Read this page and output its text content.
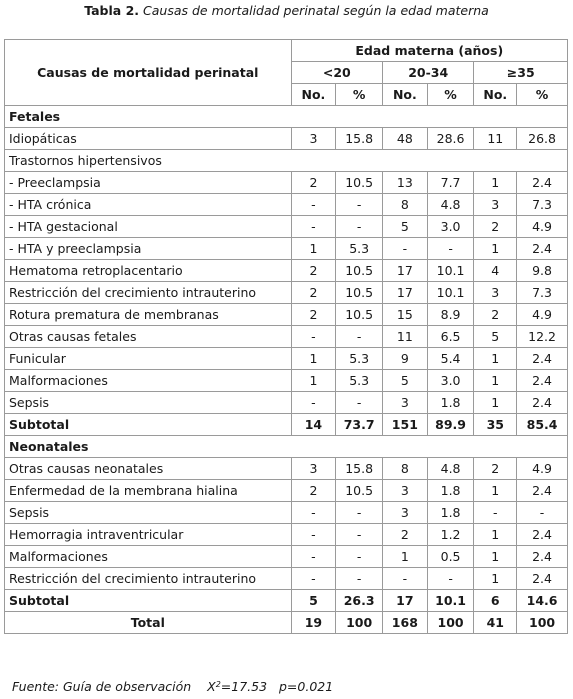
Tabla 2. Causas de mortalidad perinatal según la edad materna
Causas de mortalidad perinatal	Edad materna (años)					
	<20		20-34		≥35	
	No.	%	No.	%	No.	%
Fetales						
Idiopáticas	3	15.8	48	28.6	11	26.8
Trastornos hipertensivos						
- Preeclampsia	2	10.5	13	7.7	1	2.4
- HTA crónica	-	-	8	4.8	3	7.3
- HTA gestacional	-	-	5	3.0	2	4.9
- HTA y preeclampsia	1	5.3	-	-	1	2.4
Hematoma retroplacentario	2	10.5	17	10.1	4	9.8
Restricción del crecimiento intrauterino	2	10.5	17	10.1	3	7.3
Rotura prematura de membranas	2	10.5	15	8.9	2	4.9
Otras causas fetales	-	-	11	6.5	5	12.2
Funicular	1	5.3	9	5.4	1	2.4
Malformaciones	1	5.3	5	3.0	1	2.4
Sepsis	-	-	3	1.8	1	2.4
Subtotal	14	73.7	151	89.9	35	85.4
Neonatales						
Otras causas neonatales	3	15.8	8	4.8	2	4.9
Enfermedad de la membrana hialina	2	10.5	3	1.8	1	2.4
Sepsis	-	-	3	1.8	-	-
Hemorragia intraventricular	-	-	2	1.2	1	2.4
Malformaciones	-	-	1	0.5	1	2.4
Restricción del crecimiento intrauterino	-	-	-	-	1	2.4
Subtotal	5	26.3	17	10.1	6	14.6
Total	19	100	168	100	41	100
Fuente: Guía de observación $X^2=17.53$ p=0.021
